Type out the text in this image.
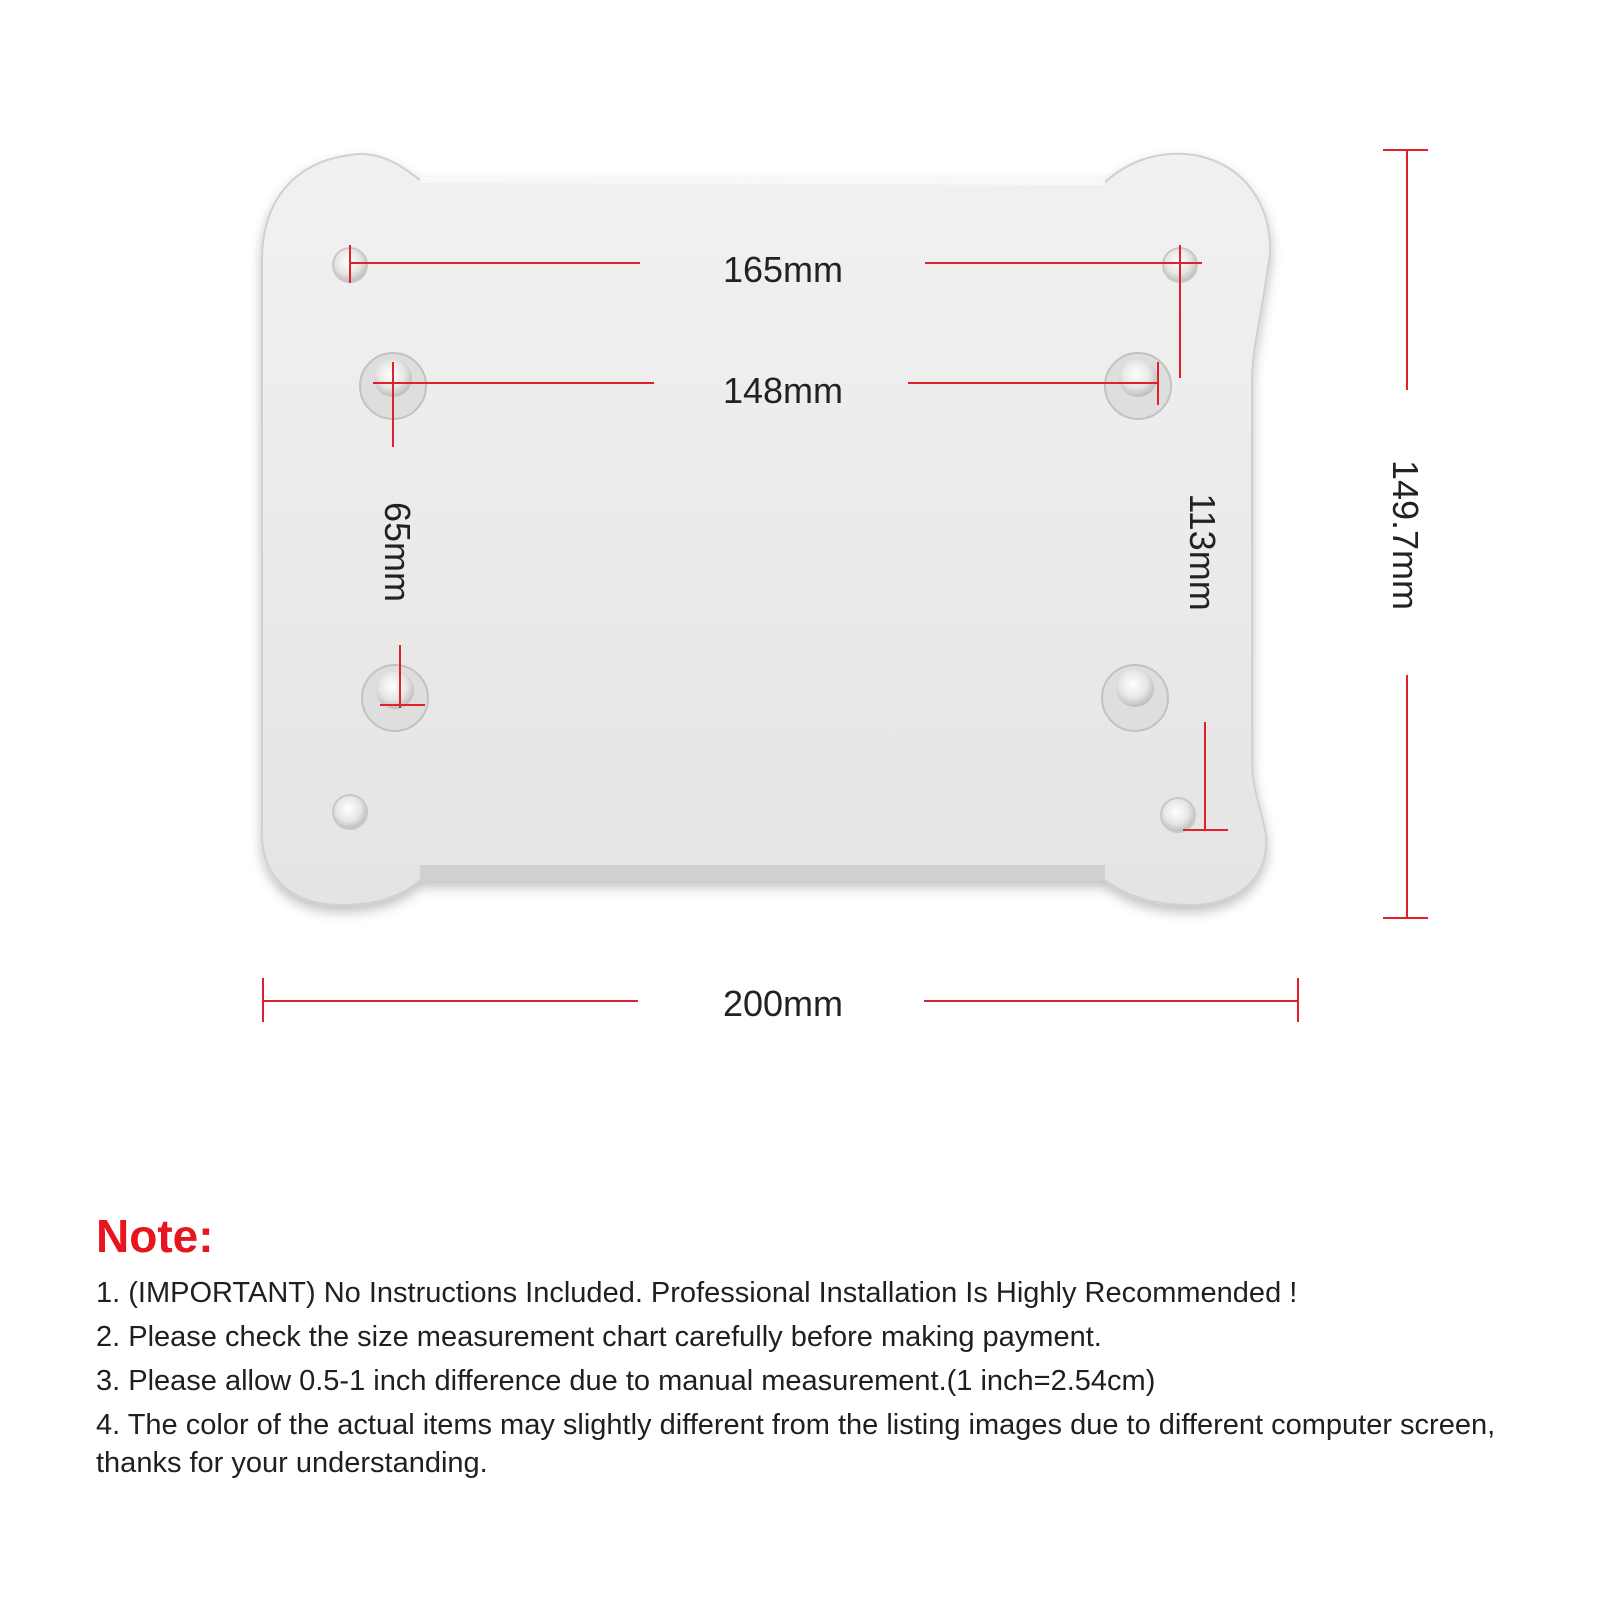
165mm
148mm
65mm	113mm	149.7mm
200mm
Note:
1. (IMPORTANT) No Instructions Included. Professional Installation Is Highly Recommended !
2. Please check the size measurement chart carefully before making payment.
3. Please allow 0.5-1 inch difference due to manual measurement.(1 inch=2.54cm)
4. The color of the actual items may slightly different from the listing images due to different computer screen, thanks for your understanding.
